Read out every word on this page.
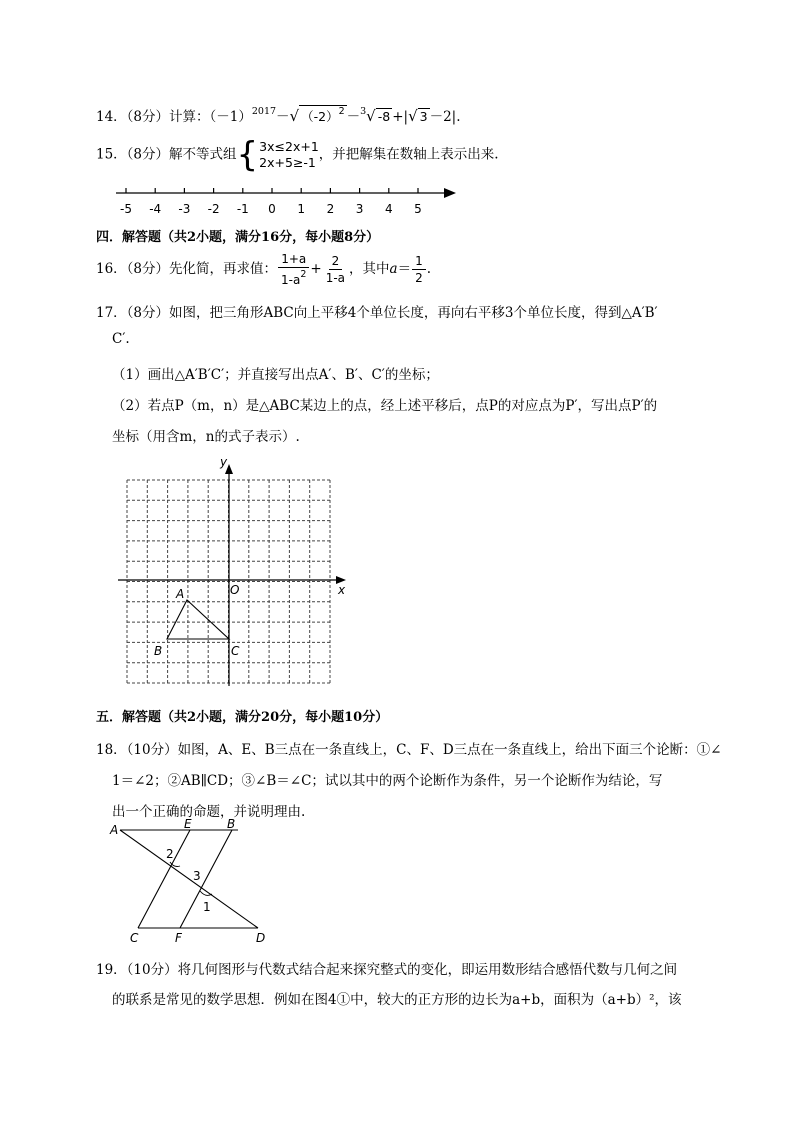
14．（8分）计算：$(-1)^{2017}-√$ $(-2)^2 -^3√$ -8 +|√ 3 －2|.
15．（8分）解不等式组 { 3x≤2x+1
2x+5≥-1 ，并把解集在数轴上表示出来.
-5 -4 -3 -2 -1 0 1 2 3 4 5
四．解答题（共2小题，满分16分，每小题8分）
16．（8分）先化简，再求值： $\frac{1+a}{1-a^2} + \frac{2}{1-a}$ ，其中$a= \frac{1}{2}$ .
17．（8分）如图，把三角形ABC向上平移4个单位长度，再向右平移3个单位长度，得到△A′B′
C′.
（1）画出△A′B′C′；并直接写出点A′、B′、C′的坐标；
（2）若点P（m，n）是△ABC某边上的点，经上述平移后，点P的对应点为P′，写出点P′的
坐标（用含m，n的式子表示）.
x
y
O
A
B	C
五．解答题（共2小题，满分20分，每小题10分）
18．（10分）如图，A、E、B三点在一条直线上，C、F、D三点在一条直线上，给出下面三个论断：①∠
1＝∠2；②AB∥CD；③∠B＝∠C；试以其中的两个论断作为条件，另一个论断作为结论，写
出一个正确的命题，并说明理由.
A	E	B
C	F	D
2
3
1
19．（10分）将几何图形与代数式结合起来探究整式的变化，即运用数形结合感悟代数与几何之间
的联系是常见的数学思想．例如在图4①中，较大的正方形的边长为a+b，面积为（a+b）²，该
